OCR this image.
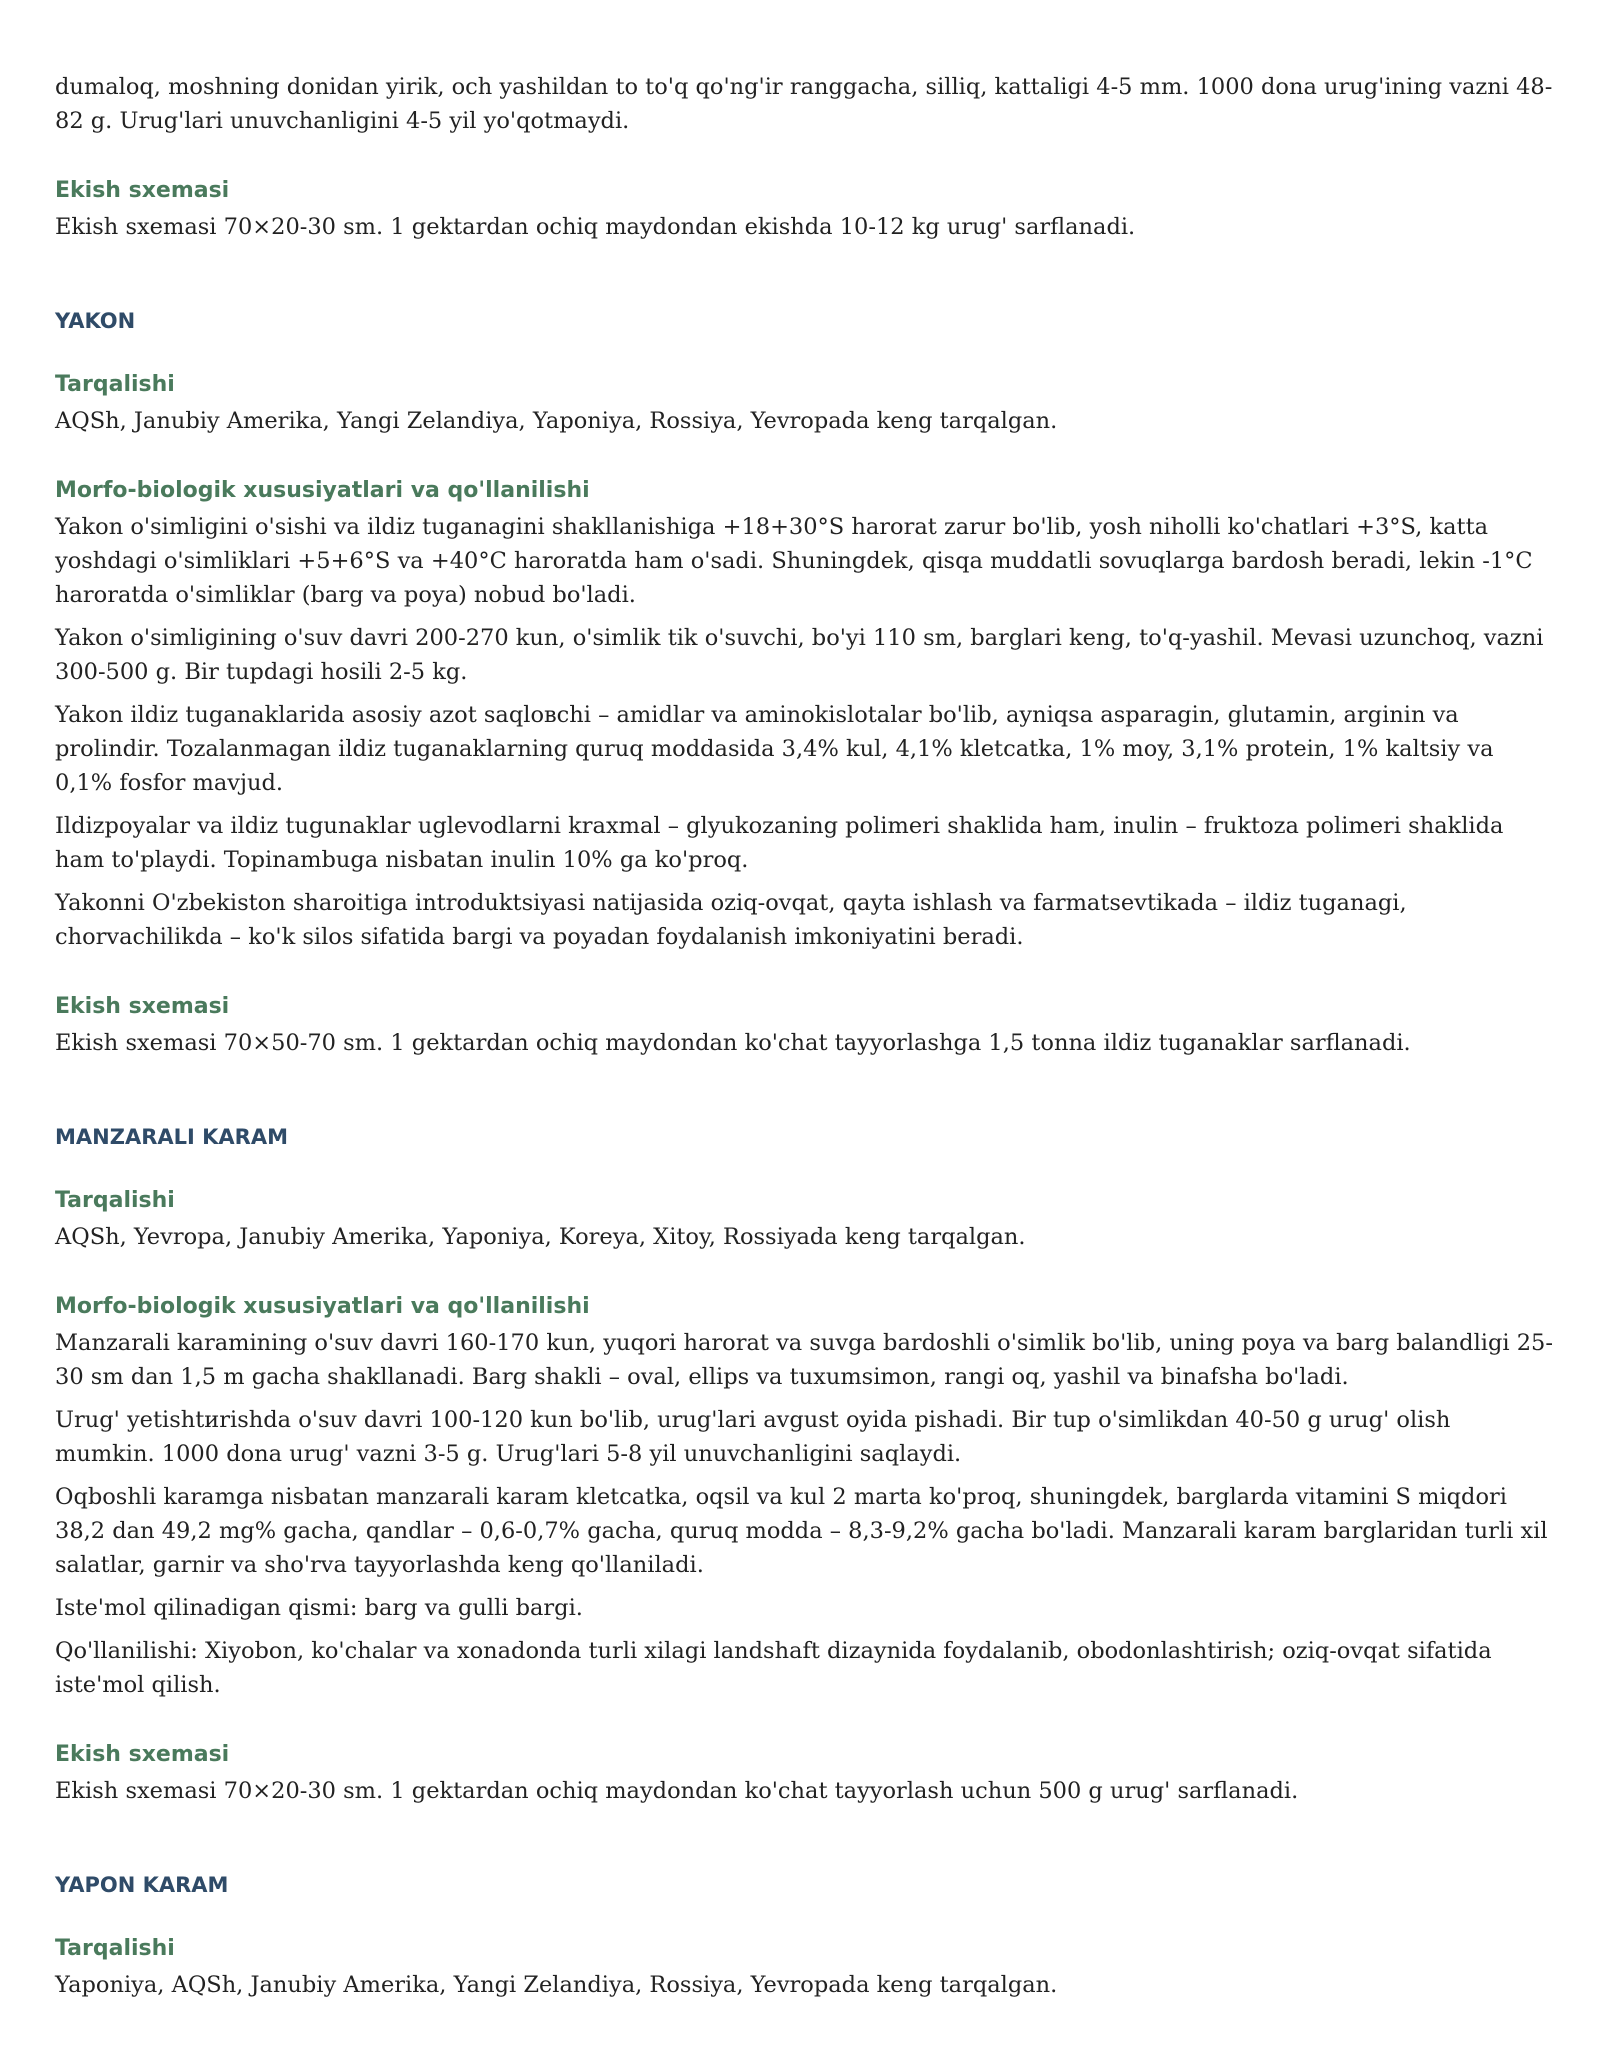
dumaloq, moshning donidan yirik, och yashildan to to'q qo'ng'ir ranggacha, silliq, kattaligi 4-5 mm. 1000 dona urug'ining vazni 48-82 g. Urug'lari unuvchanligini 4-5 yil yo'qotmaydi.

Ekish sxemasi

Ekish sxemasi 70×20-30 sm. 1 gektardan ochiq maydondan ekishda 10-12 kg urug' sarflanadi.

YAKON
Tarqalishi

AQSh, Janubiy Amerika, Yangi Zelandiya, Yaponiya, Rossiya, Yevropada keng tarqalgan.

Morfo-biologik xususiyatlari va qo'llanilishi

Yakon o'simligini o'sishi va ildiz tuganagini shakllanishiga +18+30°S harorat zarur bo'lib, yosh niholli ko'chatlari +3°S, katta yoshdagi o'simliklari +5+6°S va +40°C haroratda ham o'sadi. Shuningdek, qisqa muddatli sovuqlarga bardosh beradi, lekin -1°C haroratda o'simliklar (barg va poya) nobud bo'ladi.

Yakon o'simligining o'suv davri 200-270 kun, o'simlik tik o'suvchi, bo'yi 110 sm, barglari keng, to'q-yashil. Mevasi uzunchoq, vazni 300-500 g. Bir tupdagi hosili 2-5 kg.

Yakon ildiz tuganaklarida asosiy azot saqlовchi – amidlar va aminokislotalar bo'lib, ayniqsa asparagin, glutamin, arginin va prolindir. Tozalanmagan ildiz tuganaklarning quruq moddasida 3,4% kul, 4,1% kletcatka, 1% moy, 3,1% protein, 1% kaltsiy va 0,1% fosfor mavjud.

Ildizpoyalar va ildiz tugunaklar uglevodlarni kraxmal – glyukozaning polimeri shaklida ham, inulin – fruktoza polimeri shaklida ham to'playdi. Topinambuga nisbatan inulin 10% ga ko'proq.

Yakonni O'zbekiston sharoitiga introduktsiyasi natijasida oziq-ovqat, qayta ishlash va farmatsevtikada – ildiz tuganagi, chorvachilikda – ko'k silos sifatida bargi va poyadan foydalanish imkoniyatini beradi.

Ekish sxemasi

Ekish sxemasi 70×50-70 sm. 1 gektardan ochiq maydondan ko'chat tayyorlashga 1,5 tonna ildiz tuganaklar sarflanadi.

MANZARALI KARAM
Tarqalishi

AQSh, Yevropa, Janubiy Amerika, Yaponiya, Koreya, Xitoy, Rossiyada keng tarqalgan.

Morfo-biologik xususiyatlari va qo'llanilishi

Manzarali karamining o'suv davri 160-170 kun, yuqori harorat va suvga bardoshli o'simlik bo'lib, uning poya va barg balandligi 25-30 sm dan 1,5 m gacha shakllanadi. Barg shakli – oval, ellips va tuxumsimon, rangi oq, yashil va binafsha bo'ladi.

Urug' yetishtиrishda o'suv davri 100-120 kun bo'lib, urug'lari avgust oyida pishadi. Bir tup o'simlikdan 40-50 g urug' olish mumkin. 1000 dona urug' vazni 3-5 g. Urug'lari 5-8 yil unuvchanligini saqlaydi.

Oqboshli karamga nisbatan manzarali karam kletcatka, oqsil va kul 2 marta ko'proq, shuningdek, barglarda vitamini S miqdori 38,2 dan 49,2 mg% gacha, qandlar – 0,6-0,7% gacha, quruq modda – 8,3-9,2% gacha bo'ladi. Manzarali karam barglaridan turli xil salatlar, garnir va sho'rva tayyorlashda keng qo'llaniladi.

Iste'mol qilinadigan qismi: barg va gulli bargi.

Qo'llanilishi: Xiyobon, ko'chalar va xonadonda turli xilagi landshaft dizaynida foydalanib, obodonlashtirish; oziq-ovqat sifatida iste'mol qilish.

Ekish sxemasi

Ekish sxemasi 70×20-30 sm. 1 gektardan ochiq maydondan ko'chat tayyorlash uchun 500 g urug' sarflanadi.

YAPON KARAM
Tarqalishi

Yaponiya, AQSh, Janubiy Amerika, Yangi Zelandiya, Rossiya, Yevropada keng tarqalgan.
